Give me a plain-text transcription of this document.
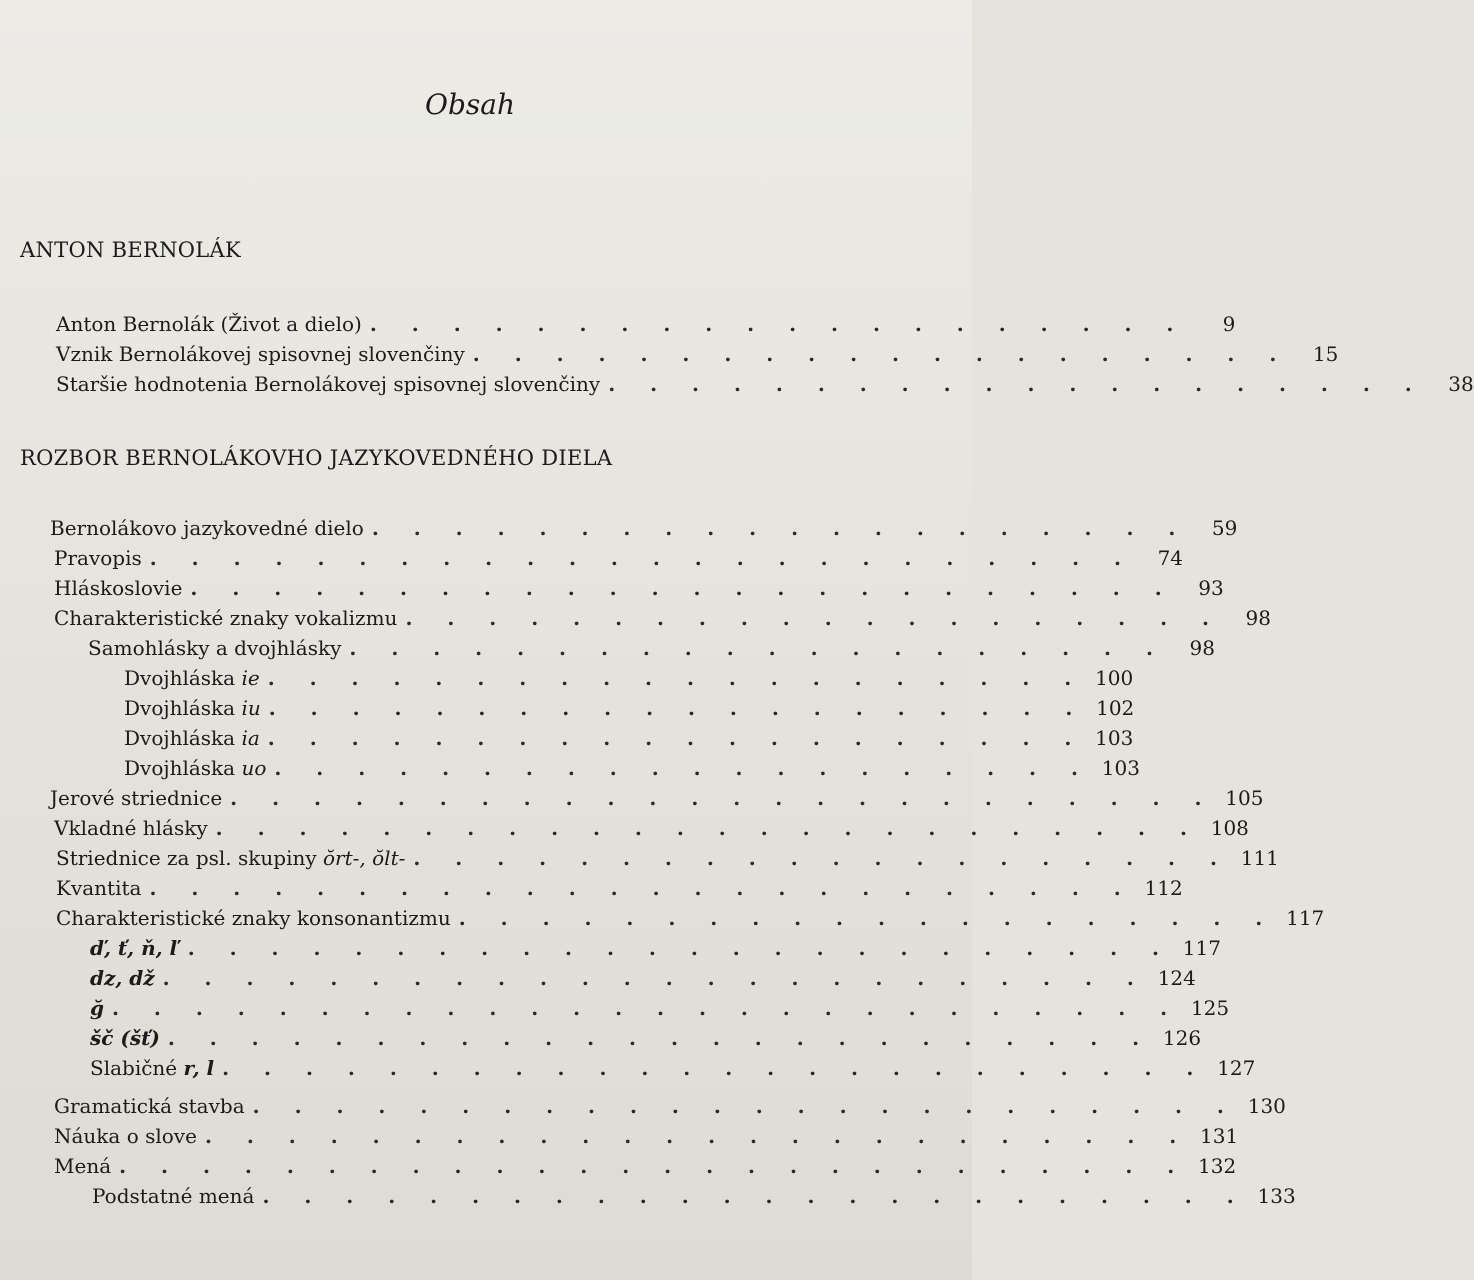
Obsah
ANTON BERNOLÁK
Anton Bernolák (Život a dielo) . . . . . . . . . . . . . . . . . . . .	9
Vznik Bernolákovej spisovnej slovenčiny . . . . . . . . . . . . . . . . . . . .	15
Staršie hodnotenia Bernolákovej spisovnej slovenčiny . . . . . . . . . . . . . . . . . . . .	38
ROZBOR BERNOLÁKOVHO JAZYKOVEDNÉHO DIELA
Bernolákovo jazykovedné dielo . . . . . . . . . . . . . . . . . . . .	59
Pravopis . . . . . . . . . . . . . . . . . . . . . . . .	74
Hláskoslovie . . . . . . . . . . . . . . . . . . . . . . . .	93
Charakteristické znaky vokalizmu . . . . . . . . . . . . . . . . . . . .	98
Samohlásky a dvojhlásky . . . . . . . . . . . . . . . . . . . .	98
Dvojhláska ie . . . . . . . . . . . . . . . . . . . . 100
Dvojhláska iu . . . . . . . . . . . . . . . . . . . . 102
Dvojhláska ia . . . . . . . . . . . . . . . . . . . . 103
Dvojhláska uo . . . . . . . . . . . . . . . . . . . . 103
Jerové striednice . . . . . . . . . . . . . . . . . . . . . . . . 105
Vkladné hlásky . . . . . . . . . . . . . . . . . . . . . . . . 108
Striednice za psl. skupiny ŏrt-, ŏlt- . . . . . . . . . . . . . . . . . . . . 111
Kvantita . . . . . . . . . . . . . . . . . . . . . . . . 112
Charakteristické znaky konsonantizmu . . . . . . . . . . . . . . . . . . . . 117
ď, ť, ň, ľ . . . . . . . . . . . . . . . . . . . . . . . . 117
dz, dž . . . . . . . . . . . . . . . . . . . . . . . . 124
ğ . . . . . . . . . . . . . . . . . . . . . . . . . . 125
šč (šť) . . . . . . . . . . . . . . . . . . . . . . . . 126
Slabičné r, l . . . . . . . . . . . . . . . . . . . . . . . . 127
Gramatická stavba . . . . . . . . . . . . . . . . . . . . . . . . 130
Náuka o slove . . . . . . . . . . . . . . . . . . . . . . . . 131
Mená . . . . . . . . . . . . . . . . . . . . . . . . . . 132
Podstatné mená . . . . . . . . . . . . . . . . . . . . . . . . 133
